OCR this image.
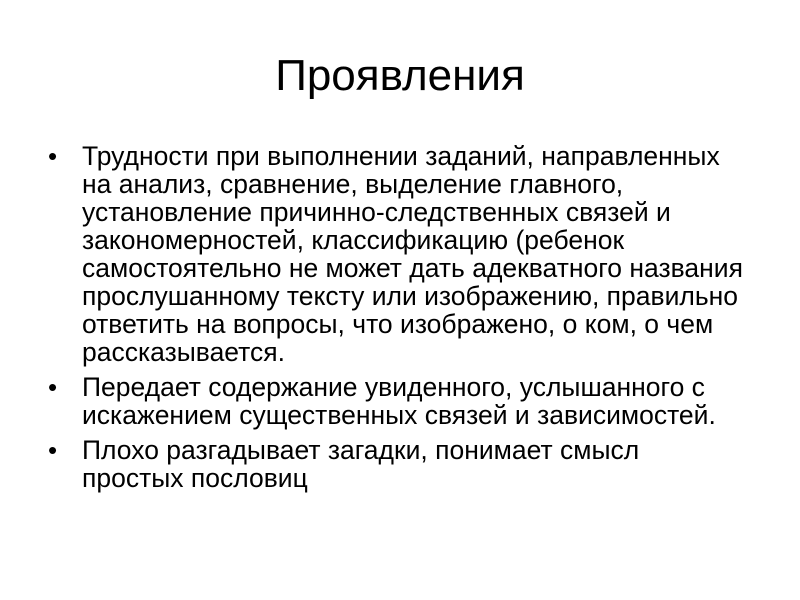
Проявления
• Трудности при выполнении заданий, направленных на анализ, сравнение, выделение главного, установление причинно-следственных связей и закономерностей, классификацию (ребенок самостоятельно не может дать адекватного названия прослушанному тексту или изображению, правильно ответить на вопросы, что изображено, о ком, о чем рассказывается.
• Передает содержание увиденного, услышанного с искажением существенных связей и зависимостей.
• Плохо разгадывает загадки, понимает смысл простых пословиц
